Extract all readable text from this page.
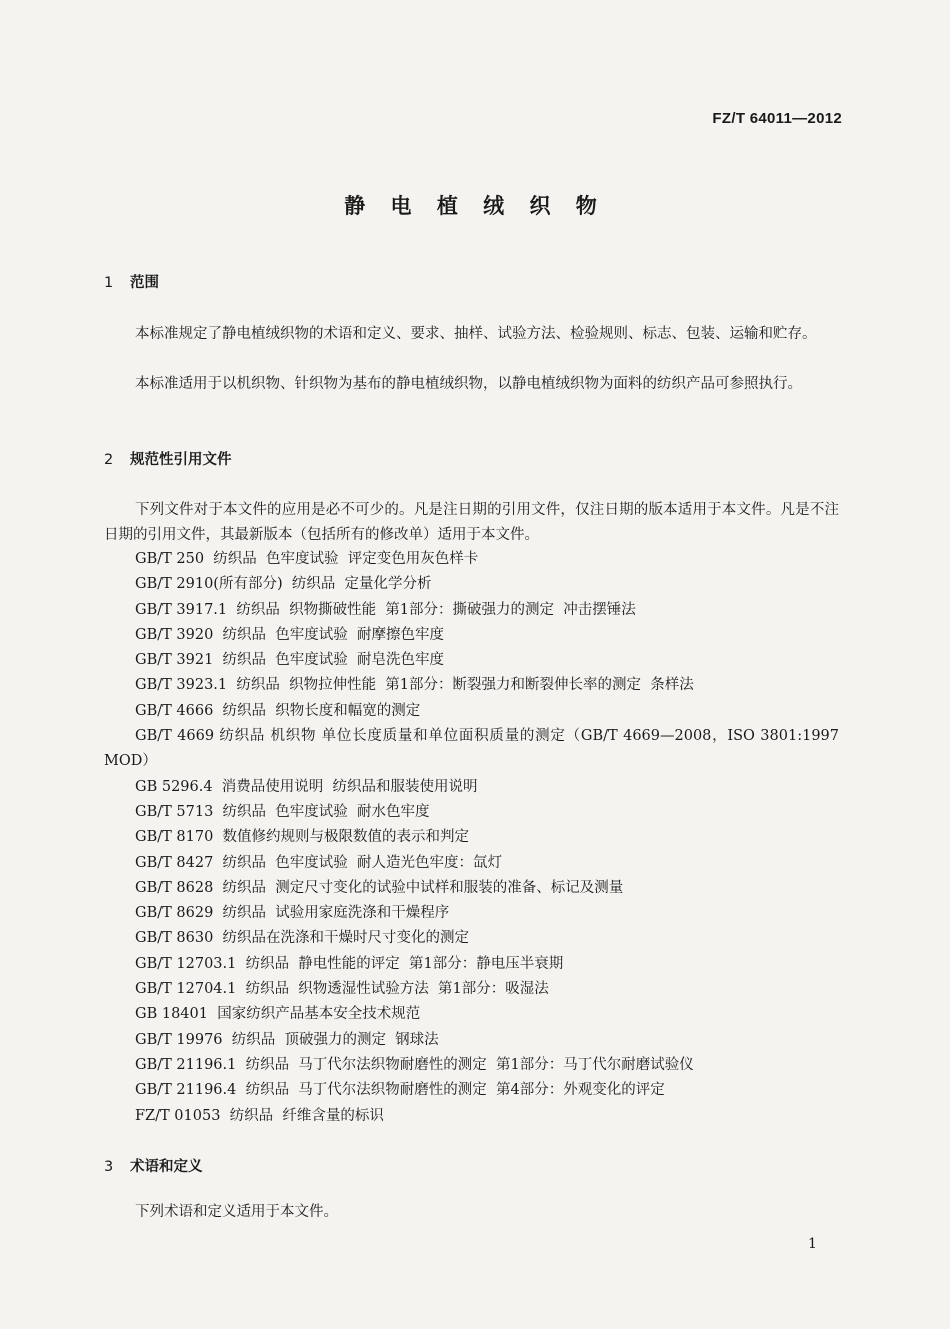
FZ/T 64011—2012
静 电 植 绒 织 物
1 范围
本标准规定了静电植绒织物的术语和定义、要求、抽样、试验方法、检验规则、标志、包装、运输和贮存。
本标准适用于以机织物、针织物为基布的静电植绒织物，以静电植绒织物为面料的纺织产品可参照执行。
2 规范性引用文件
下列文件对于本文件的应用是必不可少的。凡是注日期的引用文件，仅注日期的版本适用于本文件。凡是不注日期的引用文件，其最新版本（包括所有的修改单）适用于本文件。
GB/T 250  纺织品  色牢度试验  评定变色用灰色样卡
GB/T 2910(所有部分)  纺织品  定量化学分析
GB/T 3917.1  纺织品  织物撕破性能  第1部分：撕破强力的测定  冲击摆锤法
GB/T 3920  纺织品  色牢度试验  耐摩擦色牢度
GB/T 3921  纺织品  色牢度试验  耐皂洗色牢度
GB/T 3923.1  纺织品  织物拉伸性能  第1部分：断裂强力和断裂伸长率的测定  条样法
GB/T 4666  纺织品  织物长度和幅宽的测定
GB/T 4669 纺织品 机织物 单位长度质量和单位面积质量的测定（GB/T 4669—2008，ISO 3801:1997 MOD）
GB 5296.4  消费品使用说明  纺织品和服装使用说明
GB/T 5713  纺织品  色牢度试验  耐水色牢度
GB/T 8170  数值修约规则与极限数值的表示和判定
GB/T 8427  纺织品  色牢度试验  耐人造光色牢度：氙灯
GB/T 8628  纺织品  测定尺寸变化的试验中试样和服装的准备、标记及测量
GB/T 8629  纺织品  试验用家庭洗涤和干燥程序
GB/T 8630  纺织品在洗涤和干燥时尺寸变化的测定
GB/T 12703.1  纺织品  静电性能的评定  第1部分：静电压半衰期
GB/T 12704.1  纺织品  织物透湿性试验方法  第1部分：吸湿法
GB 18401  国家纺织产品基本安全技术规范
GB/T 19976  纺织品  顶破强力的测定  钢球法
GB/T 21196.1  纺织品  马丁代尔法织物耐磨性的测定  第1部分：马丁代尔耐磨试验仪
GB/T 21196.4  纺织品  马丁代尔法织物耐磨性的测定  第4部分：外观变化的评定
FZ/T 01053  纺织品  纤维含量的标识
3 术语和定义
下列术语和定义适用于本文件。
1
